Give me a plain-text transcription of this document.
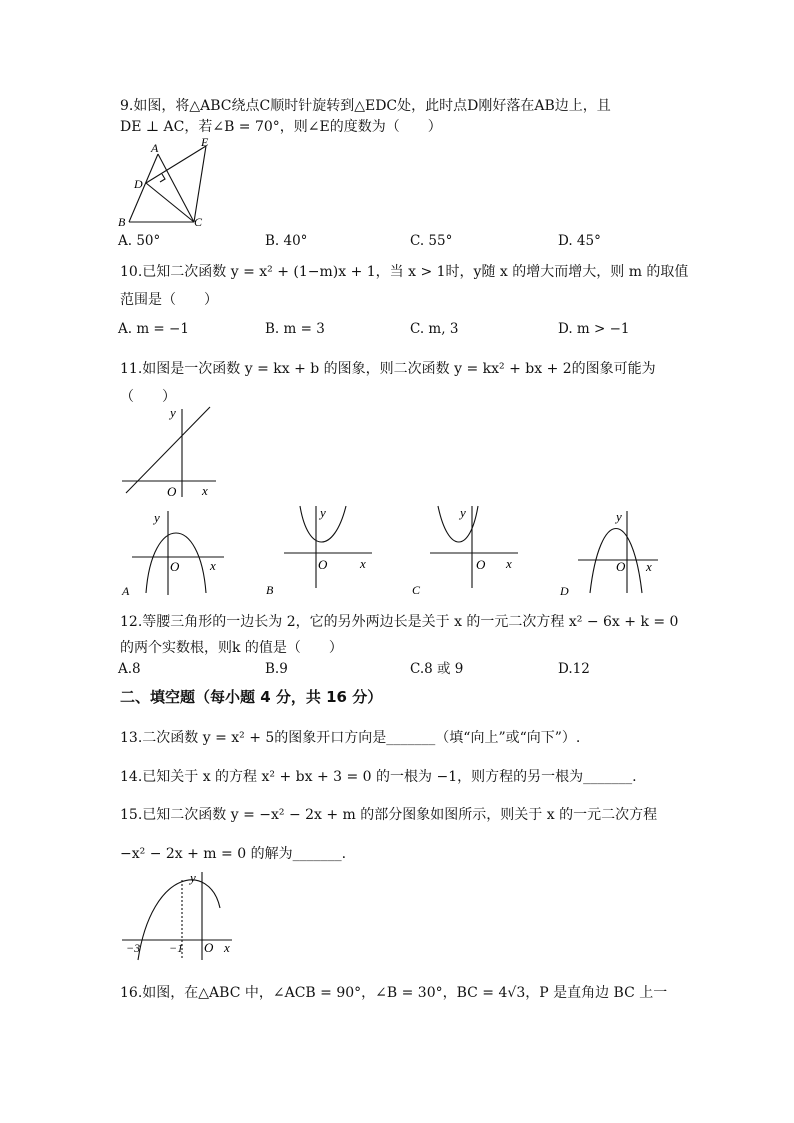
9.如图，将△ABC绕点C顺时针旋转到△EDC处，此时点D刚好落在AB边上，且
DE ⊥ AC，若∠B = 70°，则∠E的度数为（　　）
A	E
D
B	C
A. 50°	B. 40°	C. 55°	D. 45°
10.已知二次函数 y = x² + (1−m)x + 1，当 x > 1时，y随 x 的增大而增大，则 m 的取值
范围是（　　）
A. m = −1	B. m = 3	C. m, 3	D. m > −1
11.如图是一次函数 y = kx + b 的图象，则二次函数 y = kx² + bx + 2的图象可能为
（　　）
y
x
O
y
x
O
A
y
x
O
B
y
x
O
C
y
x
O
D
12.等腰三角形的一边长为 2，它的另外两边长是关于 x 的一元二次方程 x² − 6x + k = 0
的两个实数根，则k 的值是（　　）
A.8	B.9	C.8 或 9	D.12
二、填空题（每小题 4 分，共 16 分）
13.二次函数 y = x² + 5的图象开口方向是_______（填“向上”或“向下”）.
14.已知关于 x 的方程 x² + bx + 3 = 0 的一根为 −1，则方程的另一根为_______.
15.已知二次函数 y = −x² − 2x + m 的部分图象如图所示，则关于 x 的一元二次方程
−x² − 2x + m = 0 的解为_______.
y
−3 −1 O x
16.如图，在△ABC 中，∠ACB = 90°，∠B = 30°，BC = 4√3，P 是直角边 BC 上一
